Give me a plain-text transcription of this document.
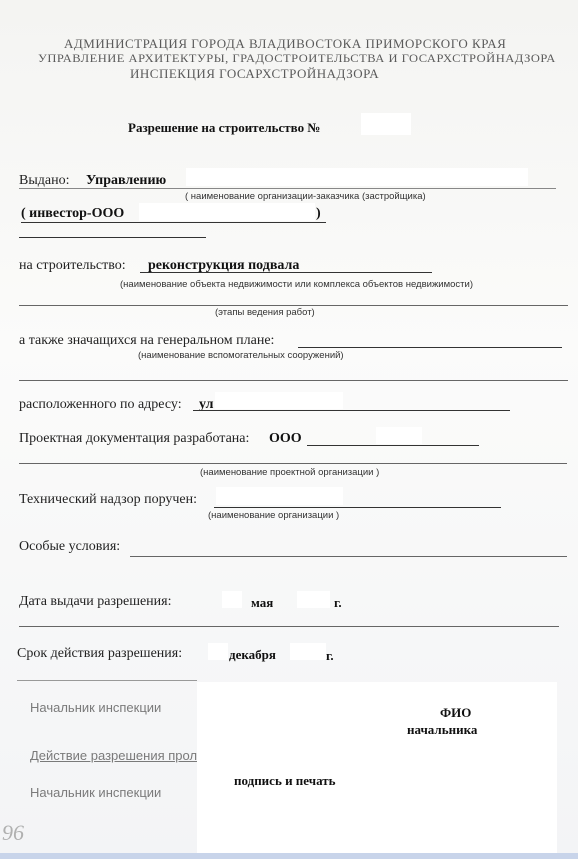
АДМИНИСТРАЦИЯ ГОРОДА ВЛАДИВОСТОКА ПРИМОРСКОГО КРАЯ
УПРАВЛЕНИЕ АРХИТЕКТУРЫ, ГРАДОСТРОИТЕЛЬСТВА И ГОСАРХСТРОЙНАДЗОРА
ИНСПЕКЦИЯ ГОСАРХСТРОЙНАДЗОРА
Разрешение на строительство №
Выдано: Управлению
( наименование организации-заказчика (застройщика)
( инвестор-ООО	)
на строительство: реконструкция подвала
(наименование объекта недвижимости или комплекса объектов недвижимости)
(этапы ведения работ)
а также значащихся на генеральном плане:
(наименование вспомогательных сооружений)
расположенного по адресу: ул
Проектная документация разработана: ООО
(наименование проектной организации )
Технический надзор поручен:
(наименование организации )
Особые условия:
Дата выдачи разрешения:	мая	г.
Срок действия разрешения:	декабря	г.
Начальник инспекции
Действие разрешения прол
Начальник инспекции
96
ФИО
начальника
подпись и печать
